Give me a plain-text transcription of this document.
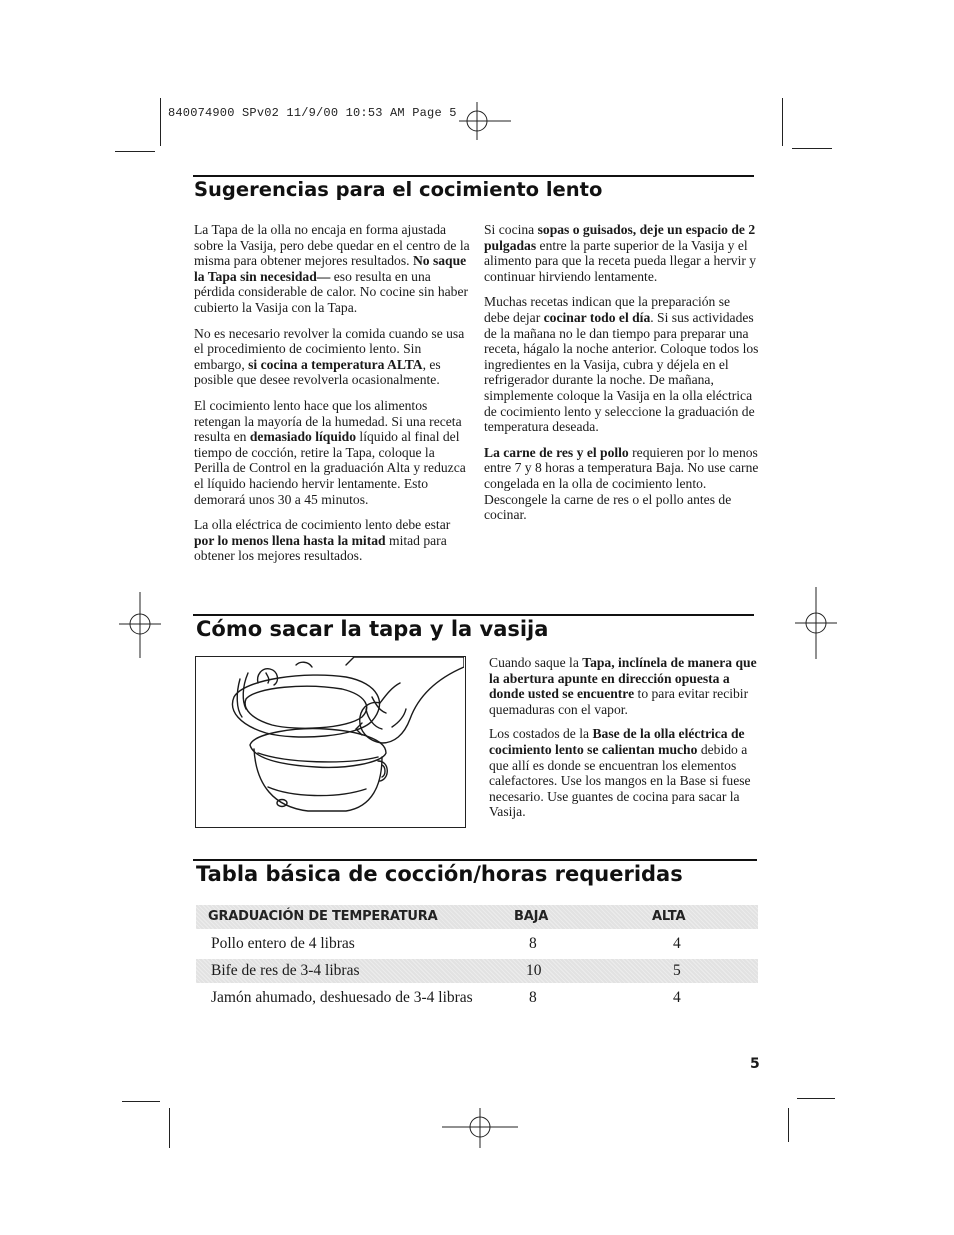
840074900 SPv02 11/9/00 10:53 AM Page 5
Sugerencias para el cocimiento lento
La Tapa de la olla no encaja en forma ajustada sobre la Vasija, pero debe quedar en el centro de la misma para obtener mejores resultados. No saque la Tapa sin necesidad— eso resulta en una pérdida considerable de calor. No cocine sin haber cubierto la Vasija con la Tapa.
No es necesario revolver la comida cuando se usa el procedimiento de cocimiento lento. Sin embargo, si cocina a temperatura ALTA, es posible que desee revolverla ocasionalmente.
El cocimiento lento hace que los alimentos retengan la mayoría de la humedad. Si una receta resulta en demasiado líquido líquido al final del tiempo de cocción, retire la Tapa, coloque la Perilla de Control en la graduación Alta y reduzca el líquido haciendo hervir lentamente. Esto demorará unos 30 a 45 minutos.
La olla eléctrica de cocimiento lento debe estar por lo menos llena hasta la mitad mitad para obtener los mejores resultados.
Si cocina sopas o guisados, deje un espacio de 2 pulgadas entre la parte superior de la Vasija y el alimento para que la receta pueda llegar a hervir y continuar hirviendo lentamente.
Muchas recetas indican que la preparación se debe dejar cocinar todo el día. Si sus actividades de la mañana no le dan tiempo para preparar una receta, hágalo la noche anterior. Coloque todos los ingredientes en la Vasija, cubra y déjela en el refrigerador durante la noche. De mañana, simplemente coloque la Vasija en la olla eléctrica de cocimiento lento y seleccione la graduación de temperatura deseada.
La carne de res y el pollo requieren por lo menos entre 7 y 8 horas a temperatura Baja. No use carne congelada en la olla de cocimiento lento. Descongele la carne de res o el pollo antes de cocinar.
Cómo sacar la tapa y la vasija
Cuando saque la Tapa, inclínela de manera que la abertura apunte en dirección opuesta a donde usted se encuentre to para evitar recibir quemaduras con el vapor.
Los costados de la Base de la olla eléctrica de cocimiento lento se calientan mucho debido a que allí es donde se encuentran los elementos calefactores. Use los mangos en la Base si fuese necesario. Use guantes de cocina para sacar la Vasija.
Tabla básica de cocción/horas requeridas
GRADUACIÓN DE TEMPERATURA	BAJA	ALTA
Pollo entero de 4 libras	8	4
Bife de res de 3-4 libras	10	5
Jamón ahumado, deshuesado de 3-4 libras	8	4
5
